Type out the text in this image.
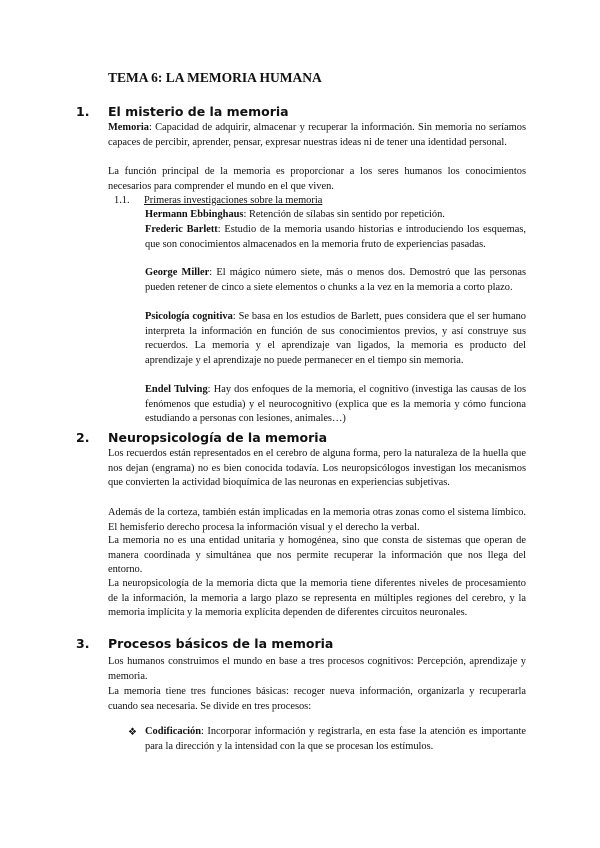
TEMA 6: LA MEMORIA HUMANA
1. El misterio de la memoria
Memoria: Capacidad de adquirir, almacenar y recuperar la información. Sin memoria no seríamos capaces de percibir, aprender, pensar, expresar nuestras ideas ni de tener una identidad personal.
La función principal de la memoria es proporcionar a los seres humanos los conocimientos necesarios para comprender el mundo en el que viven.
1.1. Primeras investigaciones sobre la memoria
Hermann Ebbinghaus: Retención de sílabas sin sentido por repetición.
Frederic Barlett: Estudio de la memoria usando historias e introduciendo los esquemas, que son conocimientos almacenados en la memoria fruto de experiencias pasadas.
George Miller: El mágico número siete, más o menos dos. Demostró que las personas pueden retener de cinco a siete elementos o chunks a la vez en la memoria a corto plazo.
Psicología cognitiva: Se basa en los estudios de Barlett, pues considera que el ser humano interpreta la información en función de sus conocimientos previos, y así construye sus recuerdos. La memoria y el aprendizaje van ligados, la memoria es producto del aprendizaje y el aprendizaje no puede permanecer en el tiempo sin memoria.
Endel Tulving: Hay dos enfoques de la memoria, el cognitivo (investiga las causas de los fenómenos que estudia) y el neurocognitivo (explica que es la memoria y cómo funciona estudiando a personas con lesiones, animales…)
2. Neuropsicología de la memoria
Los recuerdos están representados en el cerebro de alguna forma, pero la naturaleza de la huella que nos dejan (engrama) no es bien conocida todavía. Los neuropsicólogos investigan los mecanismos que convierten la actividad bioquímica de las neuronas en experiencias subjetivas.
Además de la corteza, también están implicadas en la memoria otras zonas como el sistema límbico. El hemisferio derecho procesa la información visual y el derecho la verbal.
La memoria no es una entidad unitaria y homogénea, sino que consta de sistemas que operan de manera coordinada y simultánea que nos permite recuperar la información que nos llega del entorno.
La neuropsicología de la memoria dicta que la memoria tiene diferentes niveles de procesamiento de la información, la memoria a largo plazo se representa en múltiples regiones del cerebro, y la memoria implícita y la memoria explícita dependen de diferentes circuitos neuronales.
3. Procesos básicos de la memoria
Los humanos construimos el mundo en base a tres procesos cognitivos: Percepción, aprendizaje y memoria.
La memoria tiene tres funciones básicas: recoger nueva información, organizarla y recuperarla cuando sea necesaria. Se divide en tres procesos:
❖ Codificación: Incorporar información y registrarla, en esta fase la atención es importante para la dirección y la intensidad con la que se procesan los estímulos.
